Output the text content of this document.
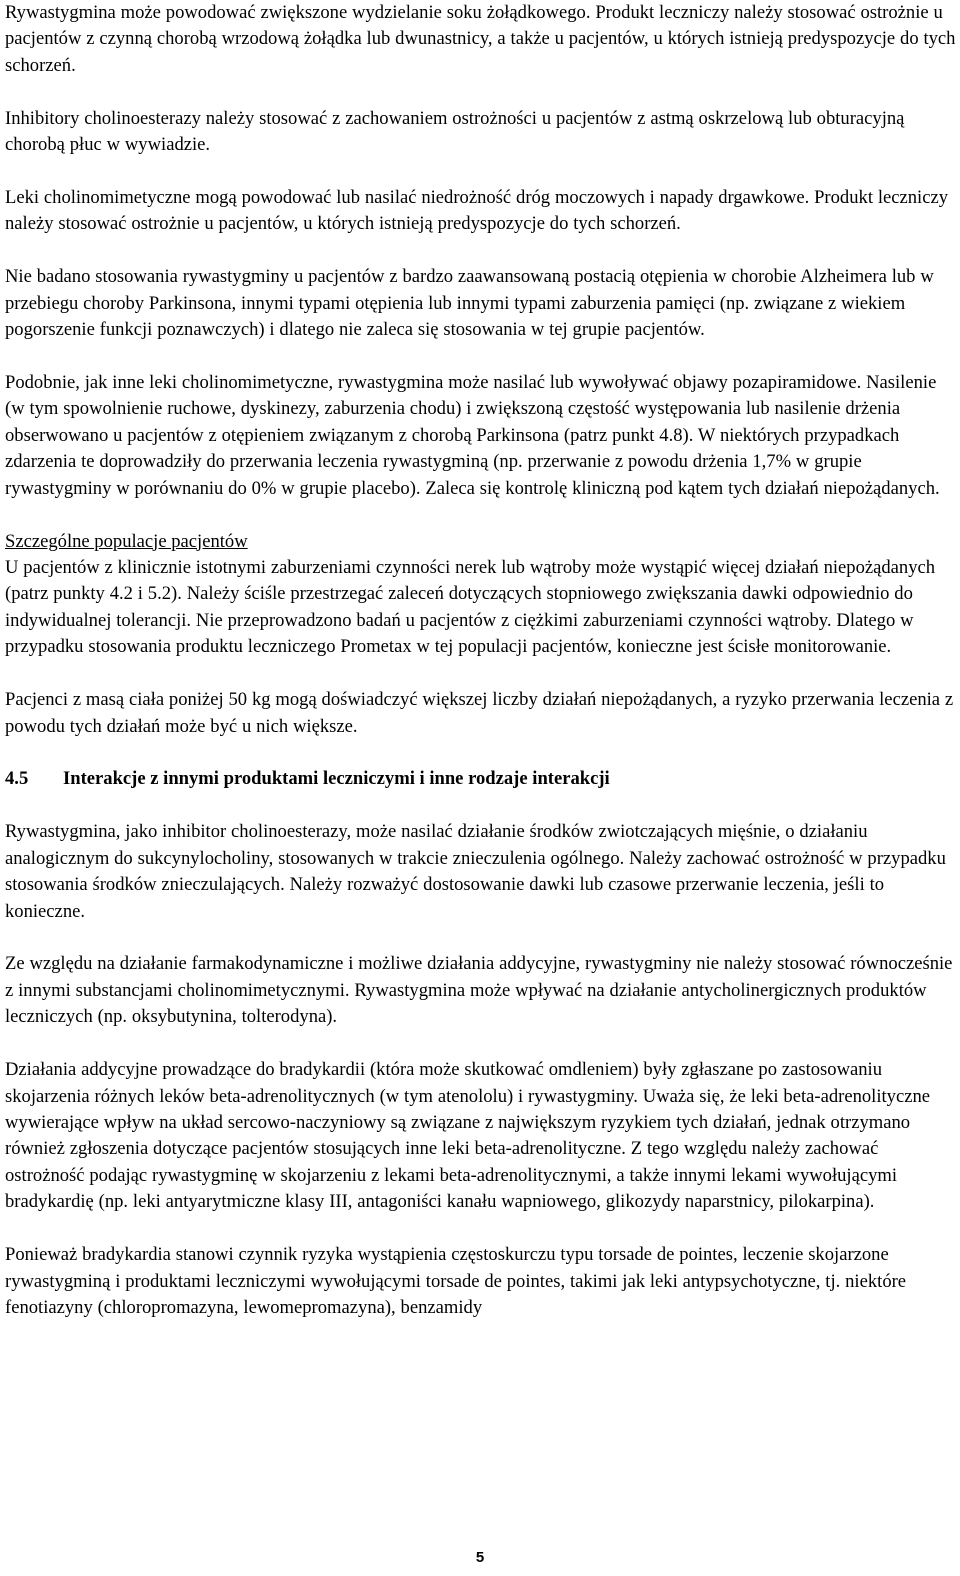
Rywastygmina może powodować zwiększone wydzielanie soku żołądkowego. Produkt leczniczy należy stosować ostrożnie u pacjentów z czynną chorobą wrzodową żołądka lub dwunastnicy, a także u pacjentów, u których istnieją predyspozycje do tych schorzeń.

Inhibitory cholinoesterazy należy stosować z zachowaniem ostrożności u pacjentów z astmą oskrzelową lub obturacyjną chorobą płuc w wywiadzie.

Leki cholinomimetyczne mogą powodować lub nasilać niedrożność dróg moczowych i napady drgawkowe. Produkt leczniczy należy stosować ostrożnie u pacjentów, u których istnieją predyspozycje do tych schorzeń.

Nie badano stosowania rywastygminy u pacjentów z bardzo zaawansowaną postacią otępienia w chorobie Alzheimera lub w przebiegu choroby Parkinsona, innymi typami otępienia lub innymi typami zaburzenia pamięci (np. związane z wiekiem pogorszenie funkcji poznawczych) i dlatego nie zaleca się stosowania w tej grupie pacjentów.

Podobnie, jak inne leki cholinomimetyczne, rywastygmina może nasilać lub wywoływać objawy pozapiramidowe. Nasilenie (w tym spowolnienie ruchowe, dyskinezy, zaburzenia chodu) i zwiększoną częstość występowania lub nasilenie drżenia obserwowano u pacjentów z otępieniem związanym z chorobą Parkinsona (patrz punkt 4.8). W niektórych przypadkach zdarzenia te doprowadziły do przerwania leczenia rywastygminą (np. przerwanie z powodu drżenia 1,7% w grupie rywastygminy w porównaniu do 0% w grupie placebo). Zaleca się kontrolę kliniczną pod kątem tych działań niepożądanych.

Szczególne populacje pacjentów

U pacjentów z klinicznie istotnymi zaburzeniami czynności nerek lub wątroby może wystąpić więcej działań niepożądanych (patrz punkty 4.2 i 5.2). Należy ściśle przestrzegać zaleceń dotyczących stopniowego zwiększania dawki odpowiednio do indywidualnej tolerancji. Nie przeprowadzono badań u pacjentów z ciężkimi zaburzeniami czynności wątroby. Dlatego w przypadku stosowania produktu leczniczego Prometax w tej populacji pacjentów, konieczne jest ścisłe monitorowanie.

Pacjenci z masą ciała poniżej 50 kg mogą doświadczyć większej liczby działań niepożądanych, a ryzyko przerwania leczenia z powodu tych działań może być u nich większe.

4.5	Interakcje z innymi produktami leczniczymi i inne rodzaje interakcji

Rywastygmina, jako inhibitor cholinoesterazy, może nasilać działanie środków zwiotczających mięśnie, o działaniu analogicznym do sukcynylocholiny, stosowanych w trakcie znieczulenia ogólnego. Należy zachować ostrożność w przypadku stosowania środków znieczulających. Należy rozważyć dostosowanie dawki lub czasowe przerwanie leczenia, jeśli to konieczne.

Ze względu na działanie farmakodynamiczne i możliwe działania addycyjne, rywastygminy nie należy stosować równocześnie z innymi substancjami cholinomimetycznymi. Rywastygmina może wpływać na działanie antycholinergicznych produktów leczniczych (np. oksybutynina, tolterodyna).

Działania addycyjne prowadzące do bradykardii (która może skutkować omdleniem) były zgłaszane po zastosowaniu skojarzenia różnych leków beta-adrenolitycznych (w tym atenololu) i rywastygminy. Uważa się, że leki beta-adrenolityczne wywierające wpływ na układ sercowo-naczyniowy są związane z największym ryzykiem tych działań, jednak otrzymano również zgłoszenia dotyczące pacjentów stosujących inne leki beta-adrenolityczne. Z tego względu należy zachować ostrożność podając rywastygminę w skojarzeniu z lekami beta-adrenolitycznymi, a także innymi lekami wywołującymi bradykardię (np. leki antyarytmiczne klasy III, antagoniści kanału wapniowego, glikozydy naparstnicy, pilokarpina).

Ponieważ bradykardia stanowi czynnik ryzyka wystąpienia częstoskurczu typu torsade de pointes, leczenie skojarzone rywastygminą i produktami leczniczymi wywołującymi torsade de pointes, takimi jak leki antypsychotyczne, tj. niektóre fenotiazyny (chloropromazyna, lewomepromazyna), benzamidy

5
